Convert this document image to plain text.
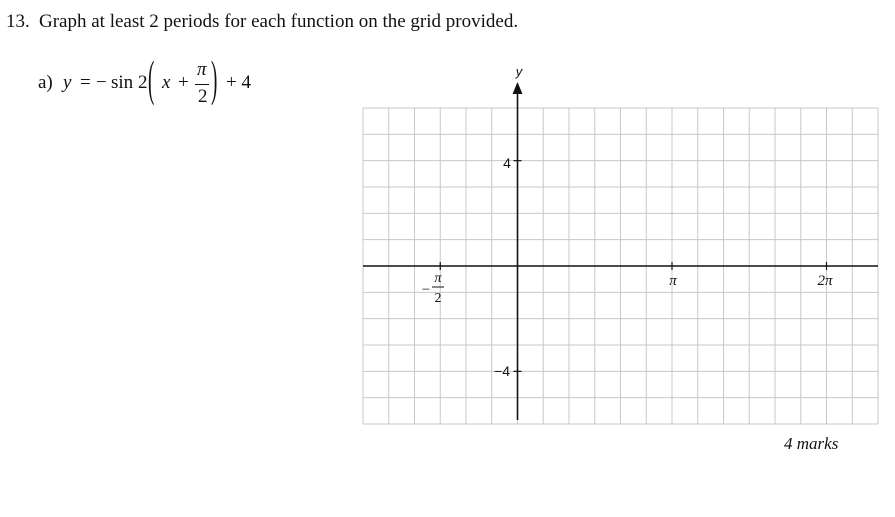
13. Graph at least 2 periods for each function on the grid provided.
a) y = − sin 2 ( x +
π
2 ) + 4
y
4
−4
−
π
2
π	2π
4 marks
